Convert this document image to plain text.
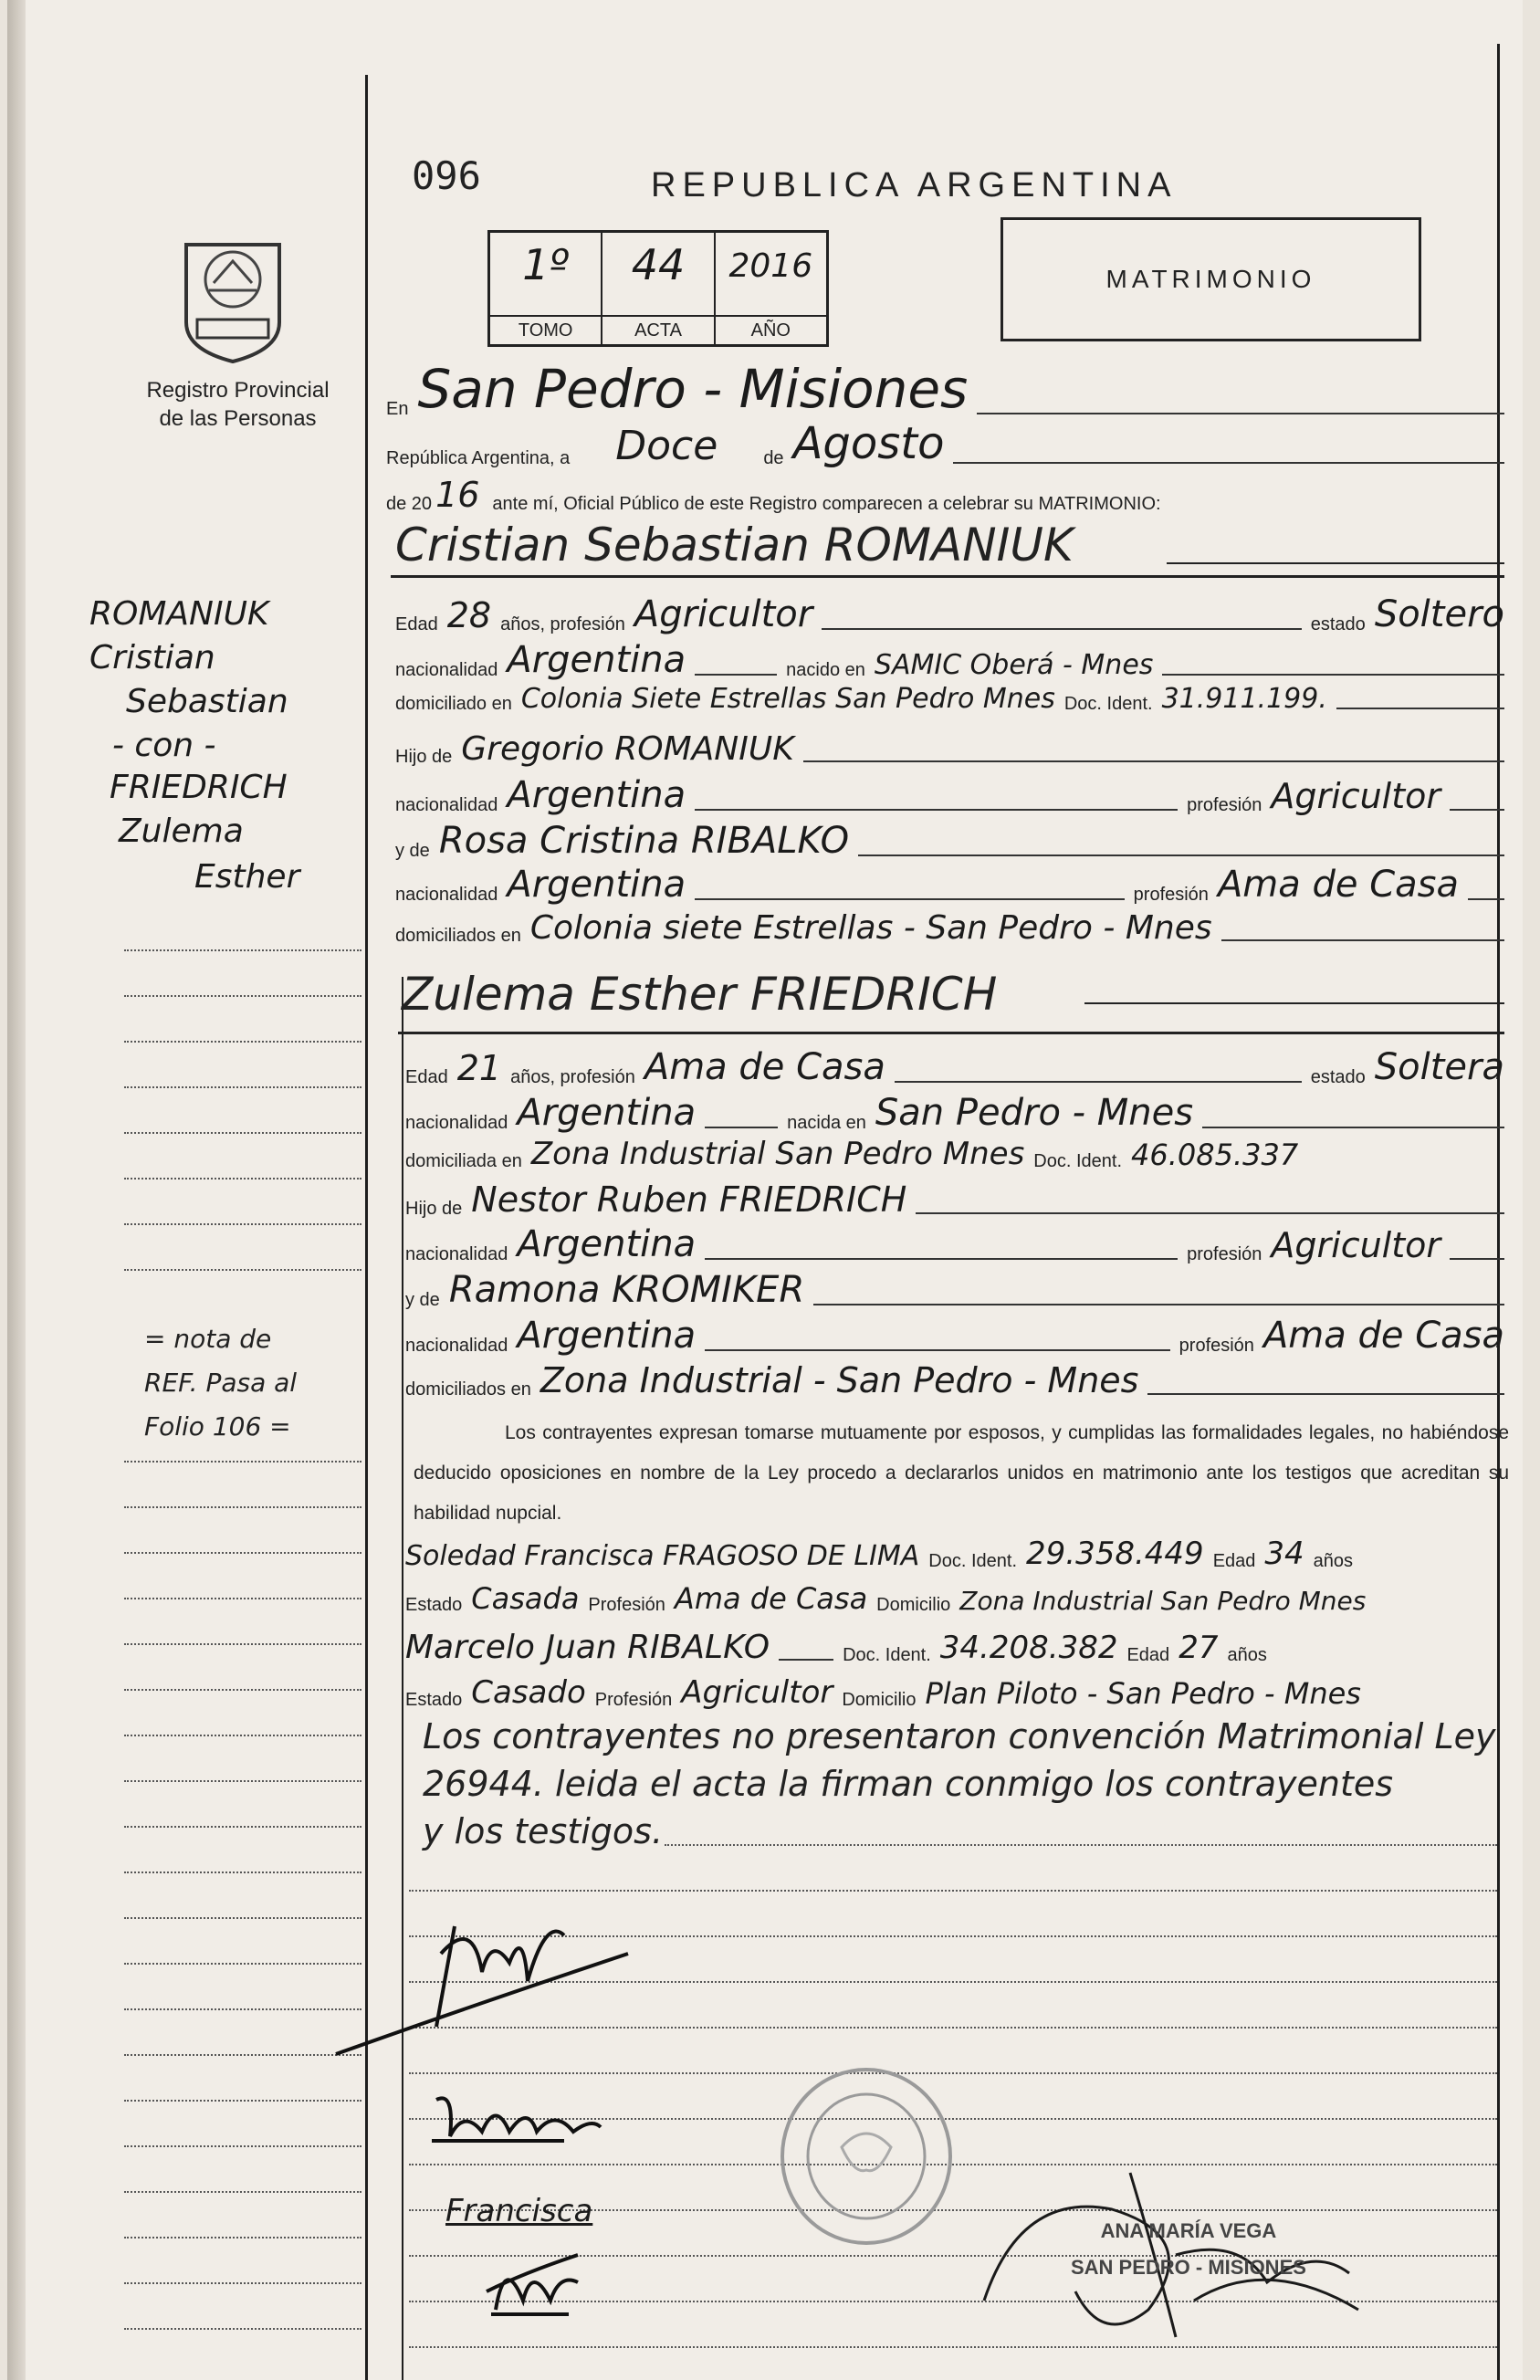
096	REPUBLICA ARGENTINA
Registro Provincial
de las Personas
1º
TOMO
44
ACTA
2016
AÑO
MATRIMONIO
En San Pedro - Misiones
República Argentina, a Doce	de Agosto
de 20 16 ante mí, Oficial Público de este Registro comparecen a celebrar su MATRIMONIO:
Cristian Sebastian ROMANIUK
Edad 28 años, profesión Agricultor	estado Soltero
nacionalidad Argentina	nacido en SAMIC Oberá - Mnes
domiciliado en Colonia Siete Estrellas San Pedro Mnes Doc. Ident. 31.911.199.
Hijo de Gregorio ROMANIUK
nacionalidad Argentina	profesión Agricultor
y de Rosa Cristina RIBALKO
nacionalidad Argentina	profesión Ama de Casa
domiciliados en Colonia siete Estrellas - San Pedro - Mnes
Zulema Esther FRIEDRICH
Edad 21 años, profesión Ama de Casa	estado Soltera
nacionalidad Argentina	nacida en San Pedro - Mnes
domiciliada en Zona Industrial San Pedro Mnes Doc. Ident. 46.085.337
Hijo de Nestor Ruben FRIEDRICH
nacionalidad Argentina	profesión Agricultor
y de Ramona KROMIKER
nacionalidad Argentina	profesión Ama de Casa
domiciliados en Zona Industrial - San Pedro - Mnes
Los contrayentes expresan tomarse mutuamente por esposos, y cumplidas las formalidades legales, no habiéndose deducido oposiciones en nombre de la Ley procedo a declararlos unidos en matrimonio ante los testigos que acreditan su habilidad nupcial.
Soledad Francisca FRAGOSO DE LIMA Doc. Ident. 29.358.449 Edad 34 años
Estado Casada Profesión Ama de Casa Domicilio Zona Industrial San Pedro Mnes
Marcelo Juan RIBALKO	Doc. Ident. 34.208.382 Edad 27 años
Estado Casado Profesión Agricultor Domicilio Plan Piloto - San Pedro - Mnes
Los contrayentes no presentaron convención Matrimonial Ley
26944. leida el acta la firman conmigo los contrayentes
y los testigos.
ROMANIUK
Cristian
Sebastian
- con -
FRIEDRICH
Zulema
Esther
= nota de
REF. Pasa al
Folio 106 =
Francisca
ANA MARÍA VEGA
SAN PEDRO - MISIONES
